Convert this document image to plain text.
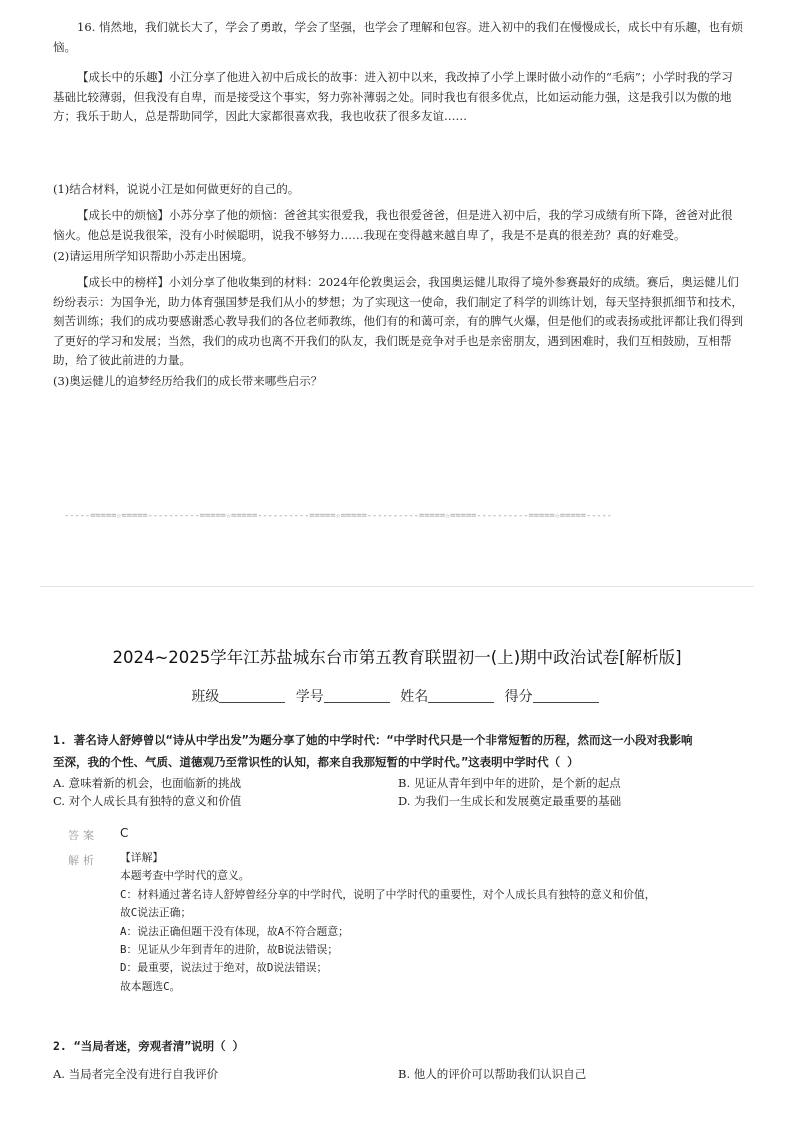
16. 悄然地，我们就长大了，学会了勇敢，学会了坚强，也学会了理解和包容。进入初中的我们在慢慢成长，成长中有乐趣，也有烦恼。
【成长中的乐趣】小江分享了他进入初中后成长的故事：进入初中以来，我改掉了小学上课时做小动作的“毛病”；小学时我的学习基础比较薄弱，但我没有自卑，而是接受这个事实，努力弥补薄弱之处。同时我也有很多优点，比如运动能力强，这是我引以为傲的地方；我乐于助人，总是帮助同学，因此大家都很喜欢我，我也收获了很多友谊……
(1)结合材料，说说小江是如何做更好的自己的。
【成长中的烦恼】小苏分享了他的烦恼：爸爸其实很爱我，我也很爱爸爸，但是进入初中后，我的学习成绩有所下降，爸爸对此很恼火。他总是说我很笨，没有小时候聪明，说我不够努力……我现在变得越来越自卑了，我是不是真的很差劲？真的好难受。
(2)请运用所学知识帮助小苏走出困境。
【成长中的榜样】小刘分享了他收集到的材料：2024年伦敦奥运会，我国奥运健儿取得了境外参赛最好的成绩。赛后，奥运健儿们纷纷表示：为国争光，助力体育强国梦是我们从小的梦想；为了实现这一使命，我们制定了科学的训练计划，每天坚持狠抓细节和技术，刻苦训练；我们的成功要感谢悉心教导我们的各位老师教练，他们有的和蔼可亲，有的脾气火爆，但是他们的或表扬或批评都让我们得到了更好的学习和发展；当然，我们的成功也离不开我们的队友，我们既是竞争对手也是亲密朋友，遇到困难时，我们互相鼓励，互相帮助，给了彼此前进的力量。
(3)奥运健儿的追梦经历给我们的成长带来哪些启示？
-----=====☆=====----------=====☆=====----------=====☆=====----------=====☆=====----------=====☆=====-----
2024~2025学年江苏盐城东台市第五教育联盟初一(上)期中政治试卷[解析版]
班级	学号	姓名	得分
1. 著名诗人舒婷曾以“诗从中学出发”为题分享了她的中学时代：“中学时代只是一个非常短暂的历程，然而这一小段对我影响
至深，我的个性、气质、道德观乃至常识性的认知，都来自我那短暂的中学时代。”这表明中学时代（ ）
A. 意味着新的机会，也面临新的挑战	B. 见证从青年到中年的进阶，是个新的起点
C. 对个人成长具有独特的意义和价值	D. 为我们一生成长和发展奠定最重要的基础
答案 C
解析 【详解】
本题考查中学时代的意义。
C：材料通过著名诗人舒婷曾经分享的中学时代，说明了中学时代的重要性，对个人成长具有独特的意义和价值，
故C说法正确；
A：说法正确但题干没有体现，故A不符合题意；
B：见证从少年到青年的进阶，故B说法错误；
D：最重要，说法过于绝对，故D说法错误；
故本题选C。
2. “当局者迷，旁观者清”说明（ ）
A. 当局者完全没有进行自我评价	B. 他人的评价可以帮助我们认识自己
